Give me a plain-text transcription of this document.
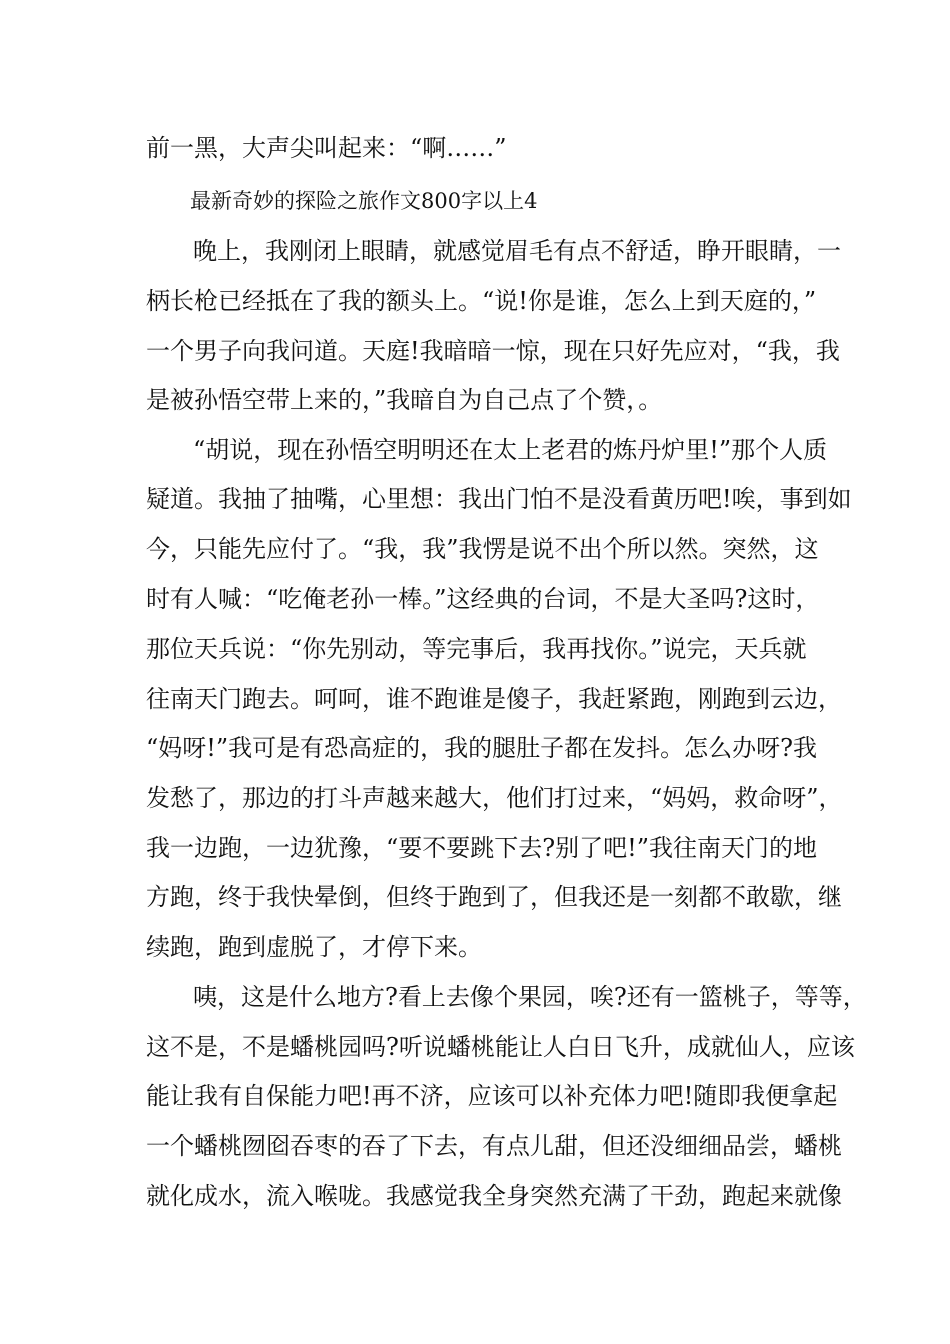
前一黑，大声尖叫起来：“啊……”
最新奇妙的探险之旅作文800字以上4
晚上，我刚闭上眼睛，就感觉眉毛有点不舒适，睁开眼睛，一
柄长枪已经抵在了我的额头上。“说!你是谁，怎么上到天庭的，”
一个男子向我问道。天庭!我暗暗一惊，现在只好先应对，“我，我
是被孙悟空带上来的，”我暗自为自己点了个赞，。
“胡说，现在孙悟空明明还在太上老君的炼丹炉里!”那个人质
疑道。我抽了抽嘴，心里想：我出门怕不是没看黄历吧!唉，事到如
今，只能先应付了。“我，我”我愣是说不出个所以然。突然，这
时有人喊：“吃俺老孙一棒。”这经典的台词，不是大圣吗?这时，
那位天兵说：“你先别动，等完事后，我再找你。”说完，天兵就
往南天门跑去。呵呵，谁不跑谁是傻子，我赶紧跑，刚跑到云边，
“妈呀!”我可是有恐高症的，我的腿肚子都在发抖。怎么办呀?我
发愁了，那边的打斗声越来越大，他们打过来，“妈妈，救命呀”，
我一边跑，一边犹豫，“要不要跳下去?别了吧!”我往南天门的地
方跑，终于我快晕倒，但终于跑到了，但我还是一刻都不敢歇，继
续跑，跑到虚脱了，才停下来。
咦，这是什么地方?看上去像个果园，唉?还有一篮桃子，等等，
这不是，不是蟠桃园吗?听说蟠桃能让人白日飞升，成就仙人，应该
能让我有自保能力吧!再不济，应该可以补充体力吧!随即我便拿起
一个蟠桃囫囵吞枣的吞了下去，有点儿甜，但还没细细品尝，蟠桃
就化成水，流入喉咙。我感觉我全身突然充满了干劲，跑起来就像
